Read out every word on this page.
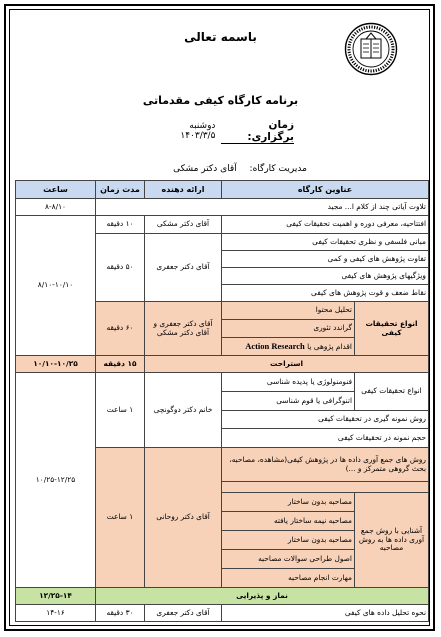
باسمه تعالی
برنامه کارگاه کیفی مقدماتی
زمان برگزاری:
دوشنبه ۱۴۰۳/۳/۵
مدیریت کارگاه: آقای دکتر مشکی
عناوین کارگاه		ارائه دهنده	مدت زمان	ساعت
تلاوت آیاتی چند از کلام ا... مجید				۸-۸/۱۰
افتتاحیه، معرفی دوره و اهمیت تحقیقات کیفی		آقای دکتر مشکی	۱۰ دقیقه	۸/۱۰-۱۰/۱۰
مبانی فلسفی و نظری تحقیقات کیفی		آقای دکتر جعفری	۵۰ دقیقه	
تفاوت پژوهش های کیفی و کمی				
ویژگیهای پژوهش های کیفی				
نقاط ضعف و قوت پژوهش های کیفی				
انواع تحقیقات کیفی	تحلیل محتوا	آقای دکتر جعفری و آقای دکتر مشکی	۶۰ دقیقه	
	گراندد تئوری			
	اقدام پژوهی یا Action Research			
استراحت			۱۵ دقیقه	۱۰/۱۰-۱۰/۲۵
انواع تحقیقات کیفی	فنومنولوژی یا پدیده شناسی	خانم دکتر دوگونچی	۱ ساعت	۱۰/۲۵-۱۲/۲۵
	اتنوگرافی یا قوم شناسی			
روش نمونه گیری در تحقیقات کیفی				
حجم نمونه در تحقیقات کیفی				
روش های جمع آوری داده ها در پژوهش کیفی(مشاهده، مصاحبه، بحث گروهی متمرکز و ...)		آقای دکتر روحانی	۱ ساعت	

آشنایی با روش جمع آوری داده ها به روش مصاحبه	مصاحبه بدون ساختار			
	مصاحبه نیمه ساختار یافته			
	مصاحبه بدون ساختار			
	اصول طراحی سوالات مصاحبه			
	مهارت انجام مصاحبه			
نماز و پذیرایی				۱۲/۲۵-۱۴
نحوه تحلیل داده های کیفی		آقای دکتر جعفری	۳۰ دقیقه	۱۴-۱۶
